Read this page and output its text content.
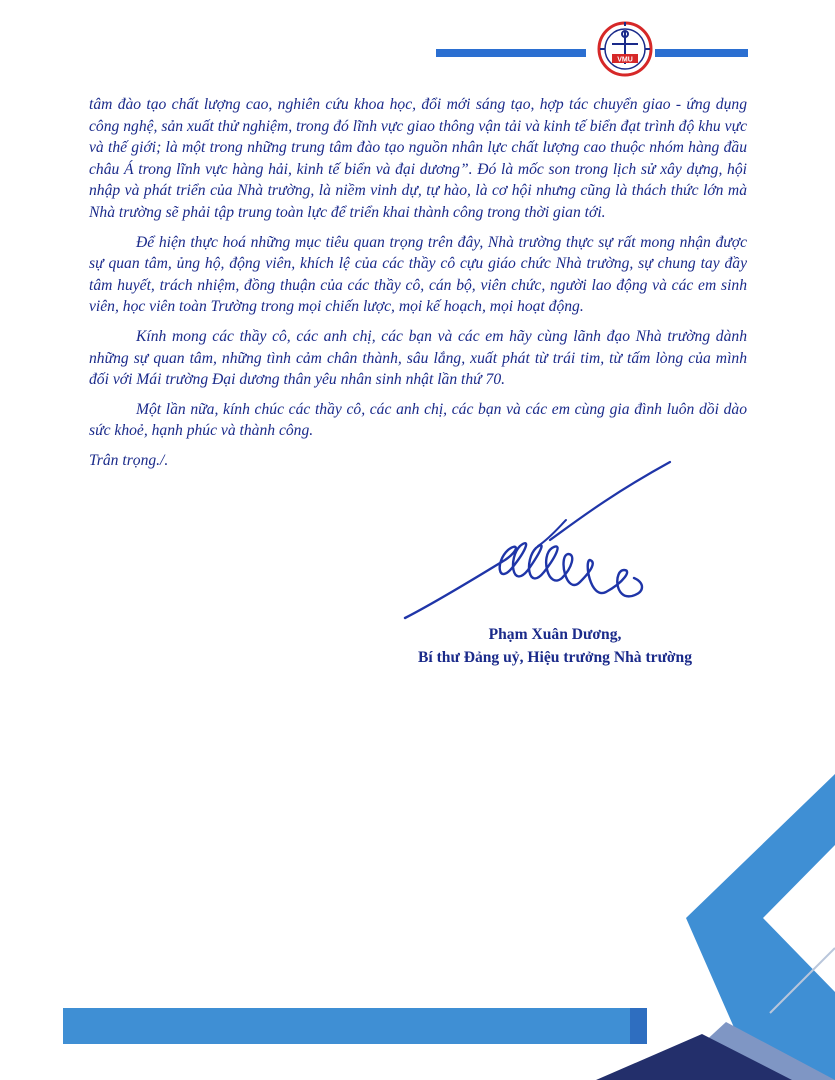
VMU

tâm đào tạo chất lượng cao, nghiên cứu khoa học, đổi mới sáng tạo, hợp tác chuyển giao - ứng dụng công nghệ, sản xuất thử nghiệm, trong đó lĩnh vực giao thông vận tải và kinh tế biển đạt trình độ khu vực và thế giới; là một trong những trung tâm đào tạo nguồn nhân lực chất lượng cao thuộc nhóm hàng đầu châu Á trong lĩnh vực hàng hải, kinh tế biển và đại dương”. Đó là mốc son trong lịch sử xây dựng, hội nhập và phát triển của Nhà trường, là niềm vinh dự, tự hào, là cơ hội nhưng cũng là thách thức lớn mà Nhà trường sẽ phải tập trung toàn lực để triển khai thành công trong thời gian tới.

Để hiện thực hoá những mục tiêu quan trọng trên đây, Nhà trường thực sự rất mong nhận được sự quan tâm, ủng hộ, động viên, khích lệ của các thầy cô cựu giáo chức Nhà trường, sự chung tay đầy tâm huyết, trách nhiệm, đồng thuận của các thầy cô, cán bộ, viên chức, người lao động và các em sinh viên, học viên toàn Trường trong mọi chiến lược, mọi kế hoạch, mọi hoạt động.

Kính mong các thầy cô, các anh chị, các bạn và các em hãy cùng lãnh đạo Nhà trường dành những sự quan tâm, những tình cảm chân thành, sâu lắng, xuất phát từ trái tim, từ tấm lòng của mình đối với Mái trường Đại dương thân yêu nhân sinh nhật lần thứ 70.

Một lần nữa, kính chúc các thầy cô, các anh chị, các bạn và các em cùng gia đình luôn dồi dào sức khoẻ, hạnh phúc và thành công.

Trân trọng./.

Phạm Xuân Dương,
Bí thư Đảng uỷ, Hiệu trưởng Nhà trường
